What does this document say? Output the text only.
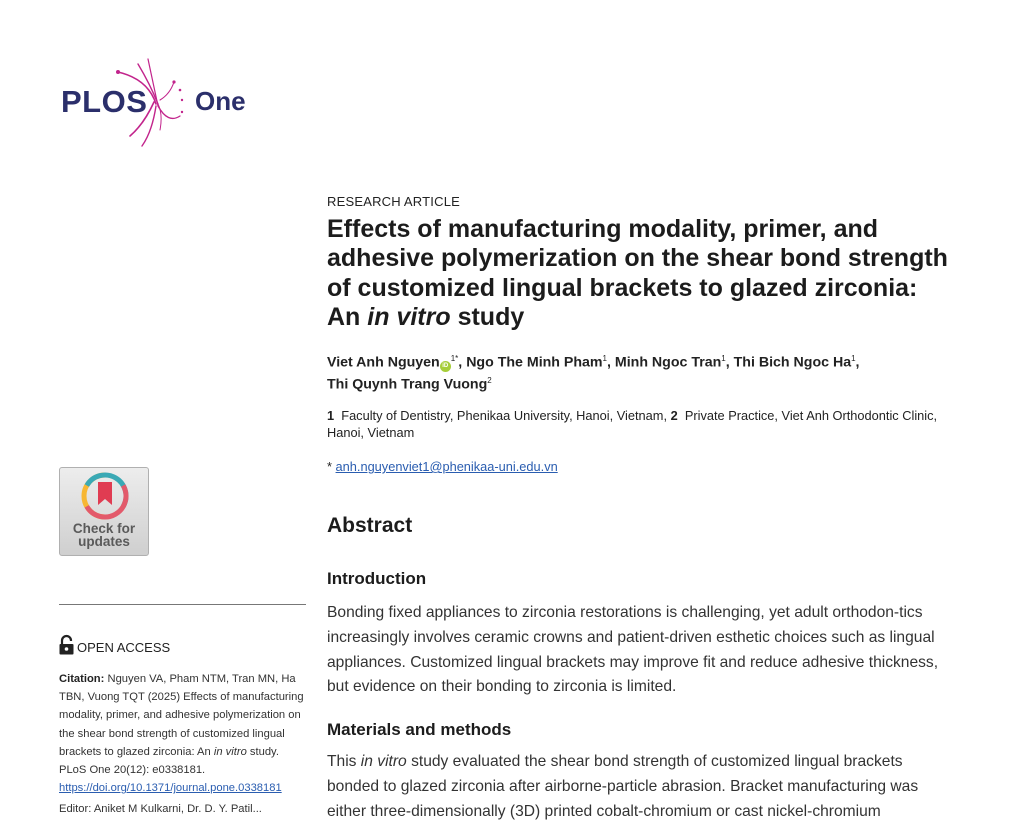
PLOS One
Check for updates
OPEN ACCESS
Citation: Nguyen VA, Pham NTM, Tran MN, Ha TBN, Vuong TQT (2025) Effects of manufacturing modality, primer, and adhesive polymerization on the shear bond strength of customized lingual brackets to glazed zirconia: An in vitro study. PLoS One 20(12): e0338181.
https://doi.org/10.1371/journal.pone.0338181
Editor: Aniket M Kulkarni, Dr. D. Y. Patil...
RESEARCH ARTICLE
Effects of manufacturing modality, primer, and adhesive polymerization on the shear bond strength of customized lingual brackets to glazed zirconia: An in vitro study
Viet Anh Nguyen $iD^{1*}$, Ngo The Minh Pham$^1$, Minh Ngoc Tran$^1$, Thi Bich Ngoc Ha$^1$,
Thi Quynh Trang Vuong$^2$
1 Faculty of Dentistry, Phenikaa University, Hanoi, Vietnam, 2 Private Practice, Viet Anh Orthodontic Clinic, Hanoi, Vietnam
* anh.nguyenviet1@phenikaa-uni.edu.vn
Abstract
Introduction
Bonding fixed appliances to zirconia restorations is challenging, yet adult orthodon-tics increasingly involves ceramic crowns and patient-driven esthetic choices such as lingual appliances. Customized lingual brackets may improve fit and reduce adhesive thickness, but evidence on their bonding to zirconia is limited.
Materials and methods
This in vitro study evaluated the shear bond strength of customized lingual brackets bonded to glazed zirconia after airborne-particle abrasion. Bracket manufacturing was either three-dimensionally (3D) printed cobalt-chromium or cast nickel-chromium
